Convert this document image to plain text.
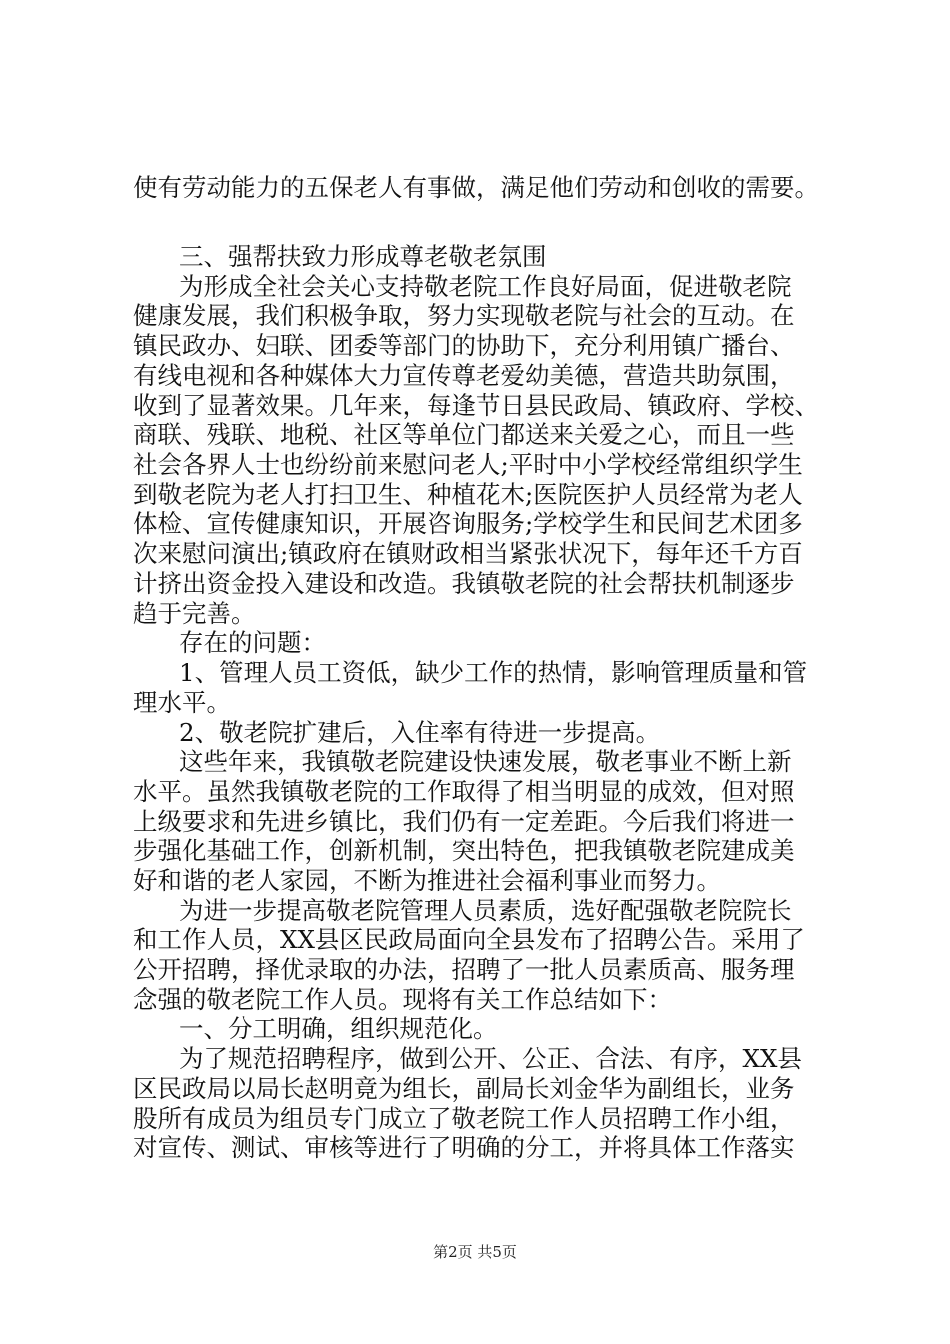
使有劳动能力的五保老人有事做，满足他们劳动和创收的需要。
三、强帮扶致力形成尊老敬老氛围
为形成全社会关心支持敬老院工作良好局面，促进敬老院
健康发展，我们积极争取，努力实现敬老院与社会的互动。在
镇民政办、妇联、团委等部门的协助下，充分利用镇广播台、
有线电视和各种媒体大力宣传尊老爱幼美德，营造共助氛围，
收到了显著效果。几年来，每逢节日县民政局、镇政府、学校、
商联、残联、地税、社区等单位门都送来关爱之心，而且一些
社会各界人士也纷纷前来慰问老人;平时中小学校经常组织学生
到敬老院为老人打扫卫生、种植花木;医院医护人员经常为老人
体检、宣传健康知识，开展咨询服务;学校学生和民间艺术团多
次来慰问演出;镇政府在镇财政相当紧张状况下，每年还千方百
计挤出资金投入建设和改造。我镇敬老院的社会帮扶机制逐步
趋于完善。
存在的问题：
1、管理人员工资低，缺少工作的热情，影响管理质量和管
理水平。
2、敬老院扩建后，入住率有待进一步提高。
这些年来，我镇敬老院建设快速发展，敬老事业不断上新
水平。虽然我镇敬老院的工作取得了相当明显的成效，但对照
上级要求和先进乡镇比，我们仍有一定差距。今后我们将进一
步强化基础工作，创新机制，突出特色，把我镇敬老院建成美
好和谐的老人家园，不断为推进社会福利事业而努力。
为进一步提高敬老院管理人员素质，选好配强敬老院院长
和工作人员，XX县区民政局面向全县发布了招聘公告。采用了
公开招聘，择优录取的办法，招聘了一批人员素质高、服务理
念强的敬老院工作人员。现将有关工作总结如下：
一、分工明确，组织规范化。
为了规范招聘程序，做到公开、公正、合法、有序，XX县
区民政局以局长赵明竟为组长，副局长刘金华为副组长，业务
股所有成员为组员专门成立了敬老院工作人员招聘工作小组，
对宣传、测试、审核等进行了明确的分工，并将具体工作落实
第2页 共5页
